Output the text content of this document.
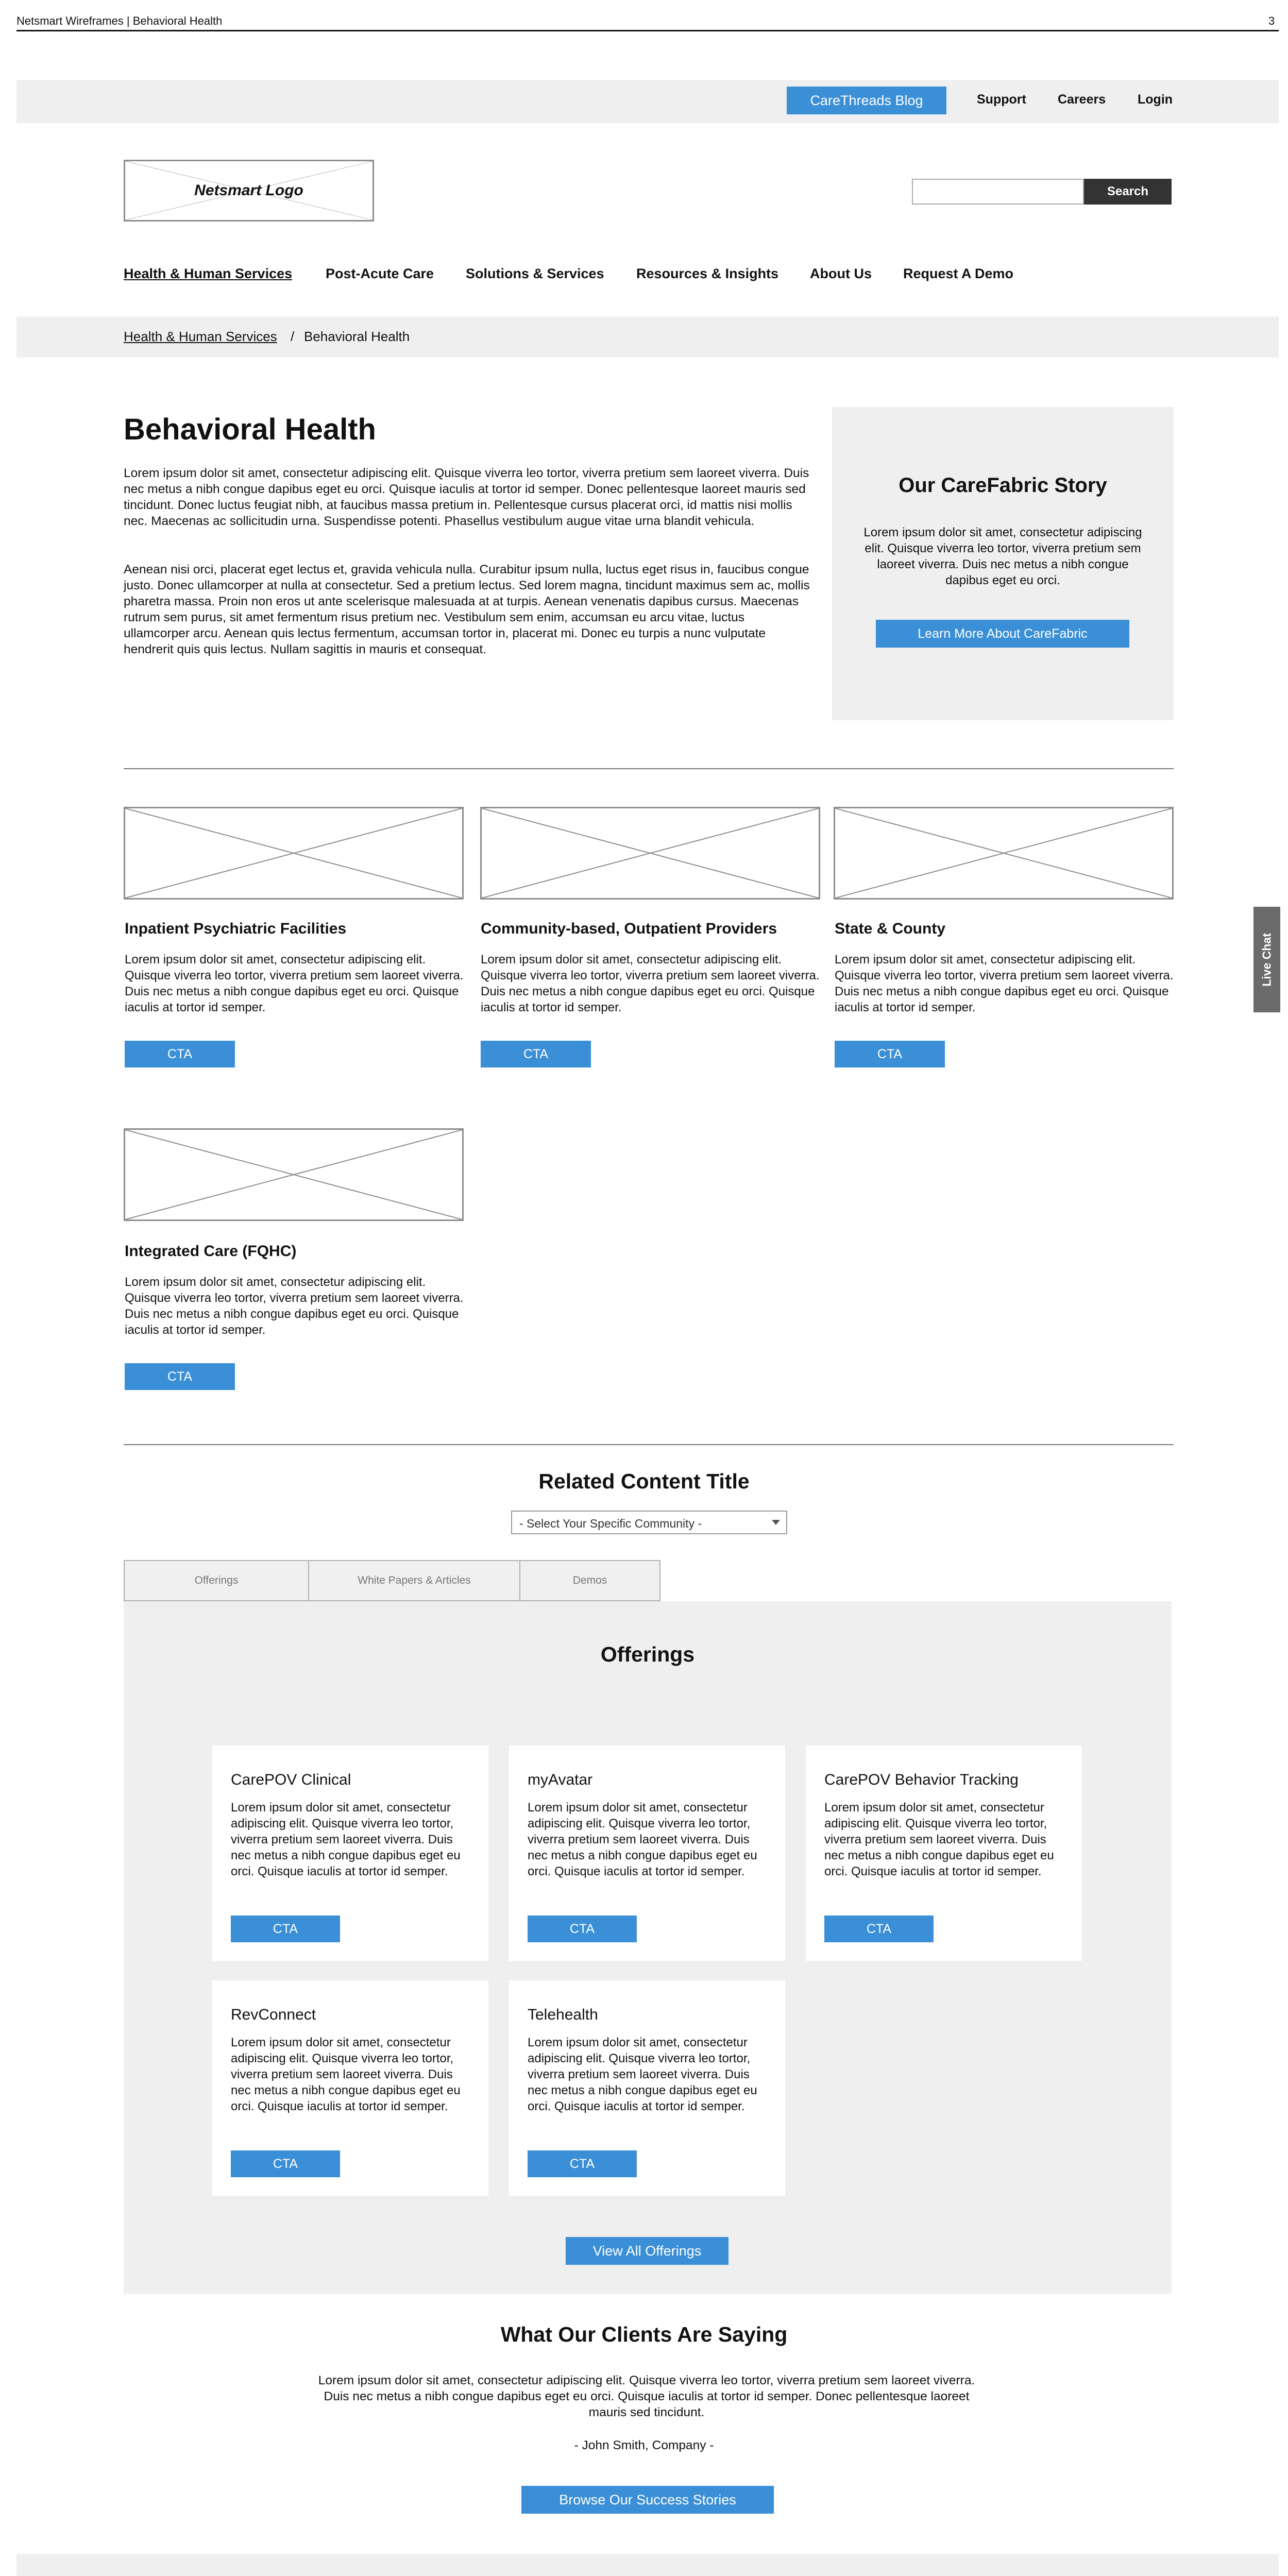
Netsmart Wireframes | Behavioral Health	3
CareThreads Blog	Support Careers Login
Netsmart Logo	Search
Health & Human Services Post-Acute Care Solutions & Services Resources & Insights About Us Request A Demo
Health & Human Services / Behavioral Health
Behavioral Health
Lorem ipsum dolor sit amet, consectetur adipiscing elit. Quisque viverra leo tortor, viverra pretium sem laoreet viverra. Duis nec metus a nibh congue dapibus eget eu orci. Quisque iaculis at tortor id semper. Donec pellentesque laoreet mauris sed tincidunt. Donec luctus feugiat nibh, at faucibus massa pretium in. Pellentesque cursus placerat orci, id mattis nisi mollis nec. Maecenas ac sollicitudin urna. Suspendisse potenti. Phasellus vestibulum augue vitae urna blandit vehicula.
Aenean nisi orci, placerat eget lectus et, gravida vehicula nulla. Curabitur ipsum nulla, luctus eget risus in, faucibus congue justo. Donec ullamcorper at nulla at consectetur. Sed a pretium lectus. Sed lorem magna, tincidunt maximus sem ac, mollis pharetra massa. Proin non eros ut ante scelerisque malesuada at at turpis. Aenean venenatis dapibus cursus. Maecenas rutrum sem purus, sit amet fermentum risus pretium nec. Vestibulum sem enim, accumsan eu arcu vitae, luctus ullamcorper arcu. Aenean quis lectus fermentum, accumsan tortor in, placerat mi. Donec eu turpis a nunc vulputate hendrerit quis quis lectus. Nullam sagittis in mauris et consequat.
Our CareFabric Story
Lorem ipsum dolor sit amet, consectetur adipiscing elit. Quisque viverra leo tortor, viverra pretium sem laoreet viverra. Duis nec metus a nibh congue dapibus eget eu orci.
Learn More About CareFabric
Inpatient Psychiatric Facilities
Lorem ipsum dolor sit amet, consectetur adipiscing elit. Quisque viverra leo tortor, viverra pretium sem laoreet viverra. Duis nec metus a nibh congue dapibus eget eu orci. Quisque iaculis at tortor id semper.
CTA
Community-based, Outpatient Providers
Lorem ipsum dolor sit amet, consectetur adipiscing elit. Quisque viverra leo tortor, viverra pretium sem laoreet viverra. Duis nec metus a nibh congue dapibus eget eu orci. Quisque iaculis at tortor id semper.
CTA
State & County
Lorem ipsum dolor sit amet, consectetur adipiscing elit. Quisque viverra leo tortor, viverra pretium sem laoreet viverra. Duis nec metus a nibh congue dapibus eget eu orci. Quisque iaculis at tortor id semper.
CTA
Integrated Care (FQHC)
Lorem ipsum dolor sit amet, consectetur adipiscing elit. Quisque viverra leo tortor, viverra pretium sem laoreet viverra. Duis nec metus a nibh congue dapibus eget eu orci. Quisque iaculis at tortor id semper.
CTA
Live Chat
Related Content Title
- Select Your Specific Community -
Offerings	White Papers & Articles	Demos
Offerings
CarePOV Clinical
Lorem ipsum dolor sit amet, consectetur adipiscing elit. Quisque viverra leo tortor, viverra pretium sem laoreet viverra. Duis nec metus a nibh congue dapibus eget eu orci. Quisque iaculis at tortor id semper.
CTA
myAvatar
Lorem ipsum dolor sit amet, consectetur adipiscing elit. Quisque viverra leo tortor, viverra pretium sem laoreet viverra. Duis nec metus a nibh congue dapibus eget eu orci. Quisque iaculis at tortor id semper.
CTA
CarePOV Behavior Tracking
Lorem ipsum dolor sit amet, consectetur adipiscing elit. Quisque viverra leo tortor, viverra pretium sem laoreet viverra. Duis nec metus a nibh congue dapibus eget eu orci. Quisque iaculis at tortor id semper.
CTA
RevConnect
Lorem ipsum dolor sit amet, consectetur adipiscing elit. Quisque viverra leo tortor, viverra pretium sem laoreet viverra. Duis nec metus a nibh congue dapibus eget eu orci. Quisque iaculis at tortor id semper.
CTA
Telehealth
Lorem ipsum dolor sit amet, consectetur adipiscing elit. Quisque viverra leo tortor, viverra pretium sem laoreet viverra. Duis nec metus a nibh congue dapibus eget eu orci. Quisque iaculis at tortor id semper.
CTA
View All Offerings
What Our Clients Are Saying
Lorem ipsum dolor sit amet, consectetur adipiscing elit. Quisque viverra leo tortor, viverra pretium sem laoreet viverra. Duis nec metus a nibh congue dapibus eget eu orci. Quisque iaculis at tortor id semper. Donec pellentesque laoreet mauris sed tincidunt.
- John Smith, Company -
Browse Our Success Stories
